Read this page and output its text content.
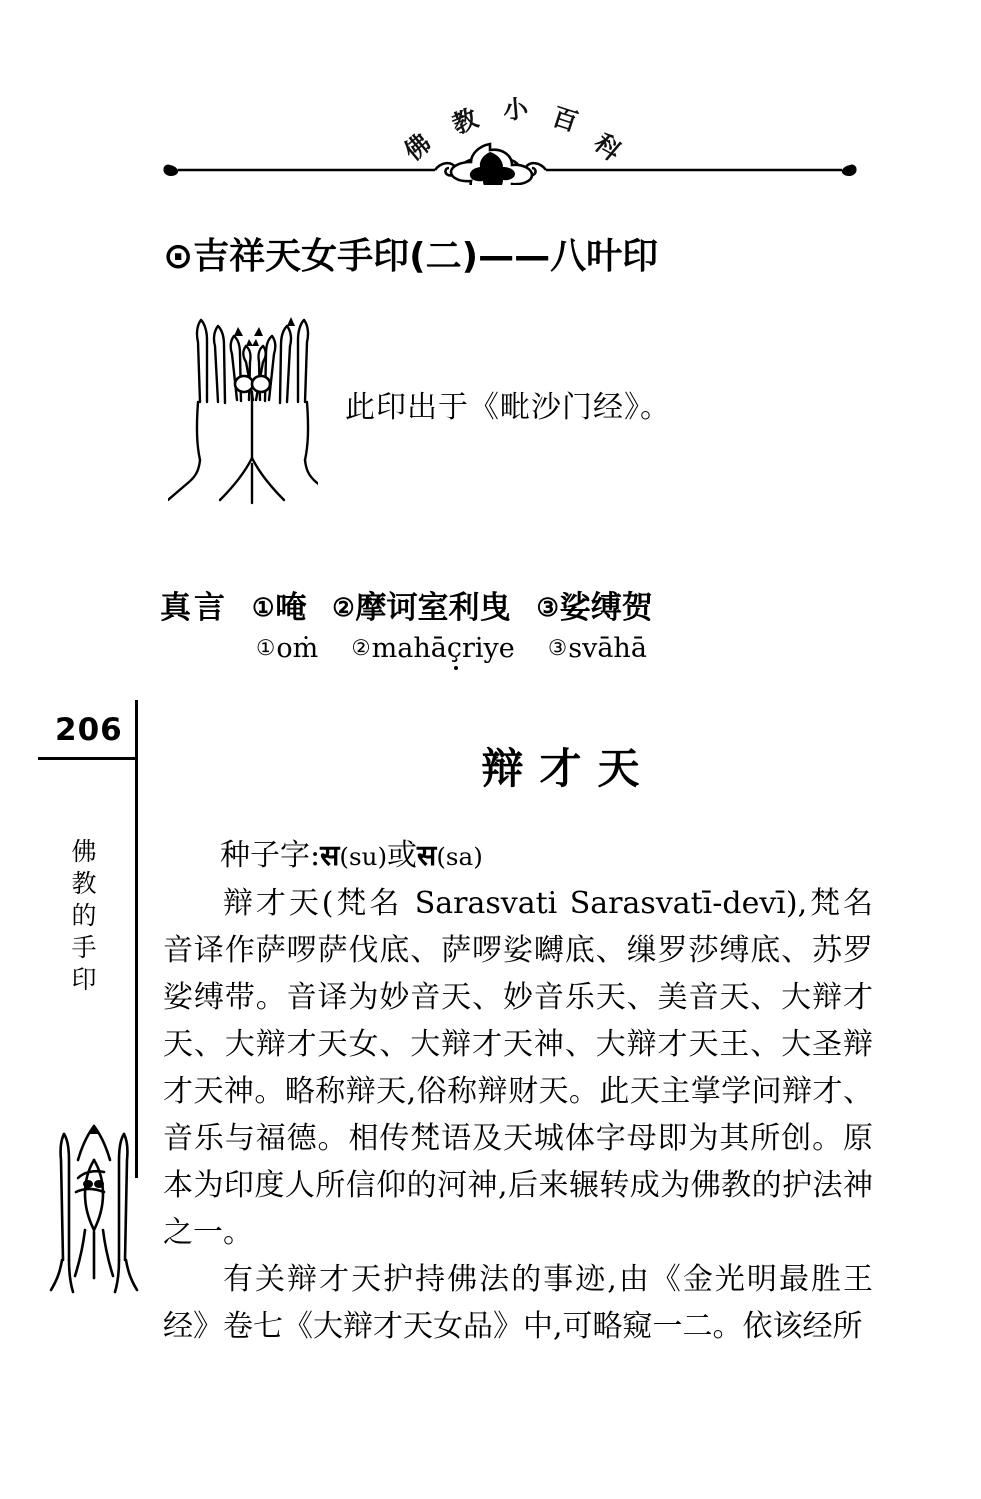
佛
教 小 百
科
⊙吉祥天女手印(二)——八叶印
此印出于《毗沙门经》。
真言 ①唵 ②摩诃室利曳 ③娑缚贺
①oṁ ②mahāçriye ③svāhā
206
佛教的手印
辩才天

种子字:स(su)或स(sa)

辩才天(梵名 Sarasvati Sarasvatī-devī),梵名音译作萨啰萨伐底、萨啰娑嚩底、缫罗莎缚底、苏罗娑缚带。音译为妙音天、妙音乐天、美音天、大辩才天、大辩才天女、大辩才天神、大辩才天王、大圣辩才天神。略称辩天,俗称辩财天。此天主掌学问辩才、音乐与福德。相传梵语及天城体字母即为其所创。原本为印度人所信仰的河神,后来辗转成为佛教的护法神之一。

有关辩才天护持佛法的事迹,由《金光明最胜王经》卷七《大辩才天女品》中,可略窥一二。依该经所
